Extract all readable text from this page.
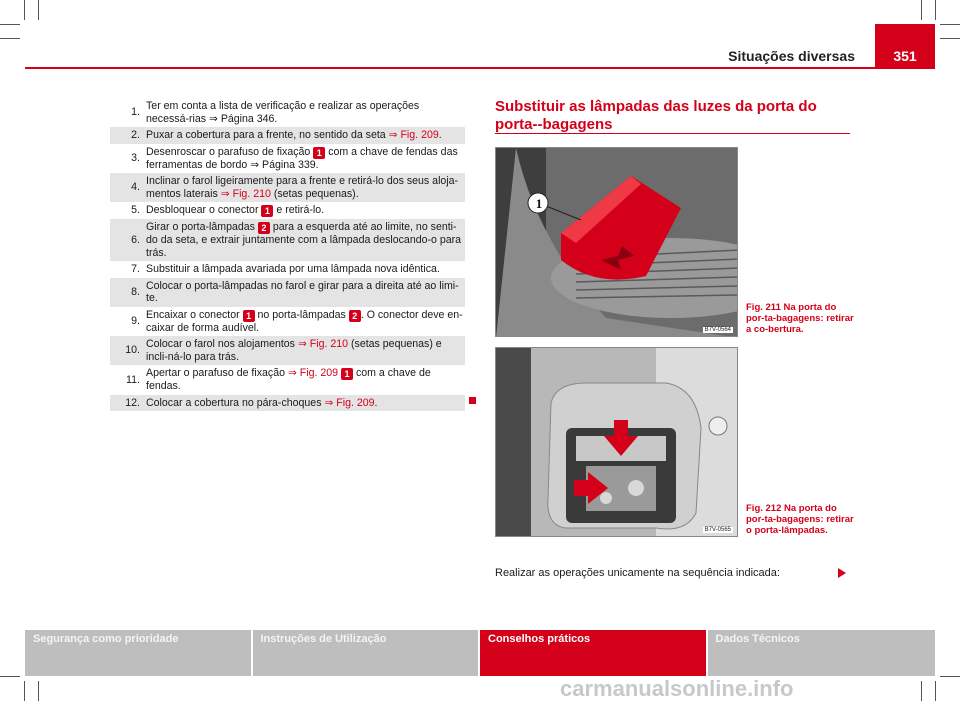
Situações diversas	351
1.
Ter em conta a lista de verificação e realizar as operações necessá-rias ⇒ Página 346.
2. Puxar a cobertura para a frente, no sentido da seta ⇒ Fig. 209.
3.
Desenroscar o parafuso de fixação 1 com a chave de fendas das ferramentas de bordo ⇒ Página 339.
4.
Inclinar o farol ligeiramente para a frente e retirá-lo dos seus aloja-mentos laterais ⇒ Fig. 210 (setas pequenas).
5. Desbloquear o conector 1 e retirá-lo.
6.
Girar o porta-lâmpadas 2 para a esquerda até ao limite, no senti-do da seta, e extrair juntamente com a lâmpada deslocando-o para trás.
7. Substituir a lâmpada avariada por uma lâmpada nova idêntica.
8.
Colocar o porta-lâmpadas no farol e girar para a direita até ao limi-te.
9.
Encaixar o conector 1 no porta-lâmpadas 2 . O conector deve en-caixar de forma audível.
10.
Colocar o farol nos alojamentos ⇒ Fig. 210 (setas pequenas) e incli-ná-lo para trás.
11.
Apertar o parafuso de fixação ⇒ Fig. 209 1 com a chave de fendas.
12. Colocar a cobertura no pára-choques ⇒ Fig. 209.
Substituir as lâmpadas das luzes da porta do porta--bagagens
1
B7V-0564
Fig. 211 Na porta do por-ta-bagagens: retirar a co-bertura.
B7V-0565
Fig. 212 Na porta do por-ta-bagagens: retirar o porta-lâmpadas.
Realizar as operações unicamente na sequência indicada:
Segurança como prioridade	Instruções de Utilização	Conselhos práticos	Dados Técnicos
carmanualsonline.info
